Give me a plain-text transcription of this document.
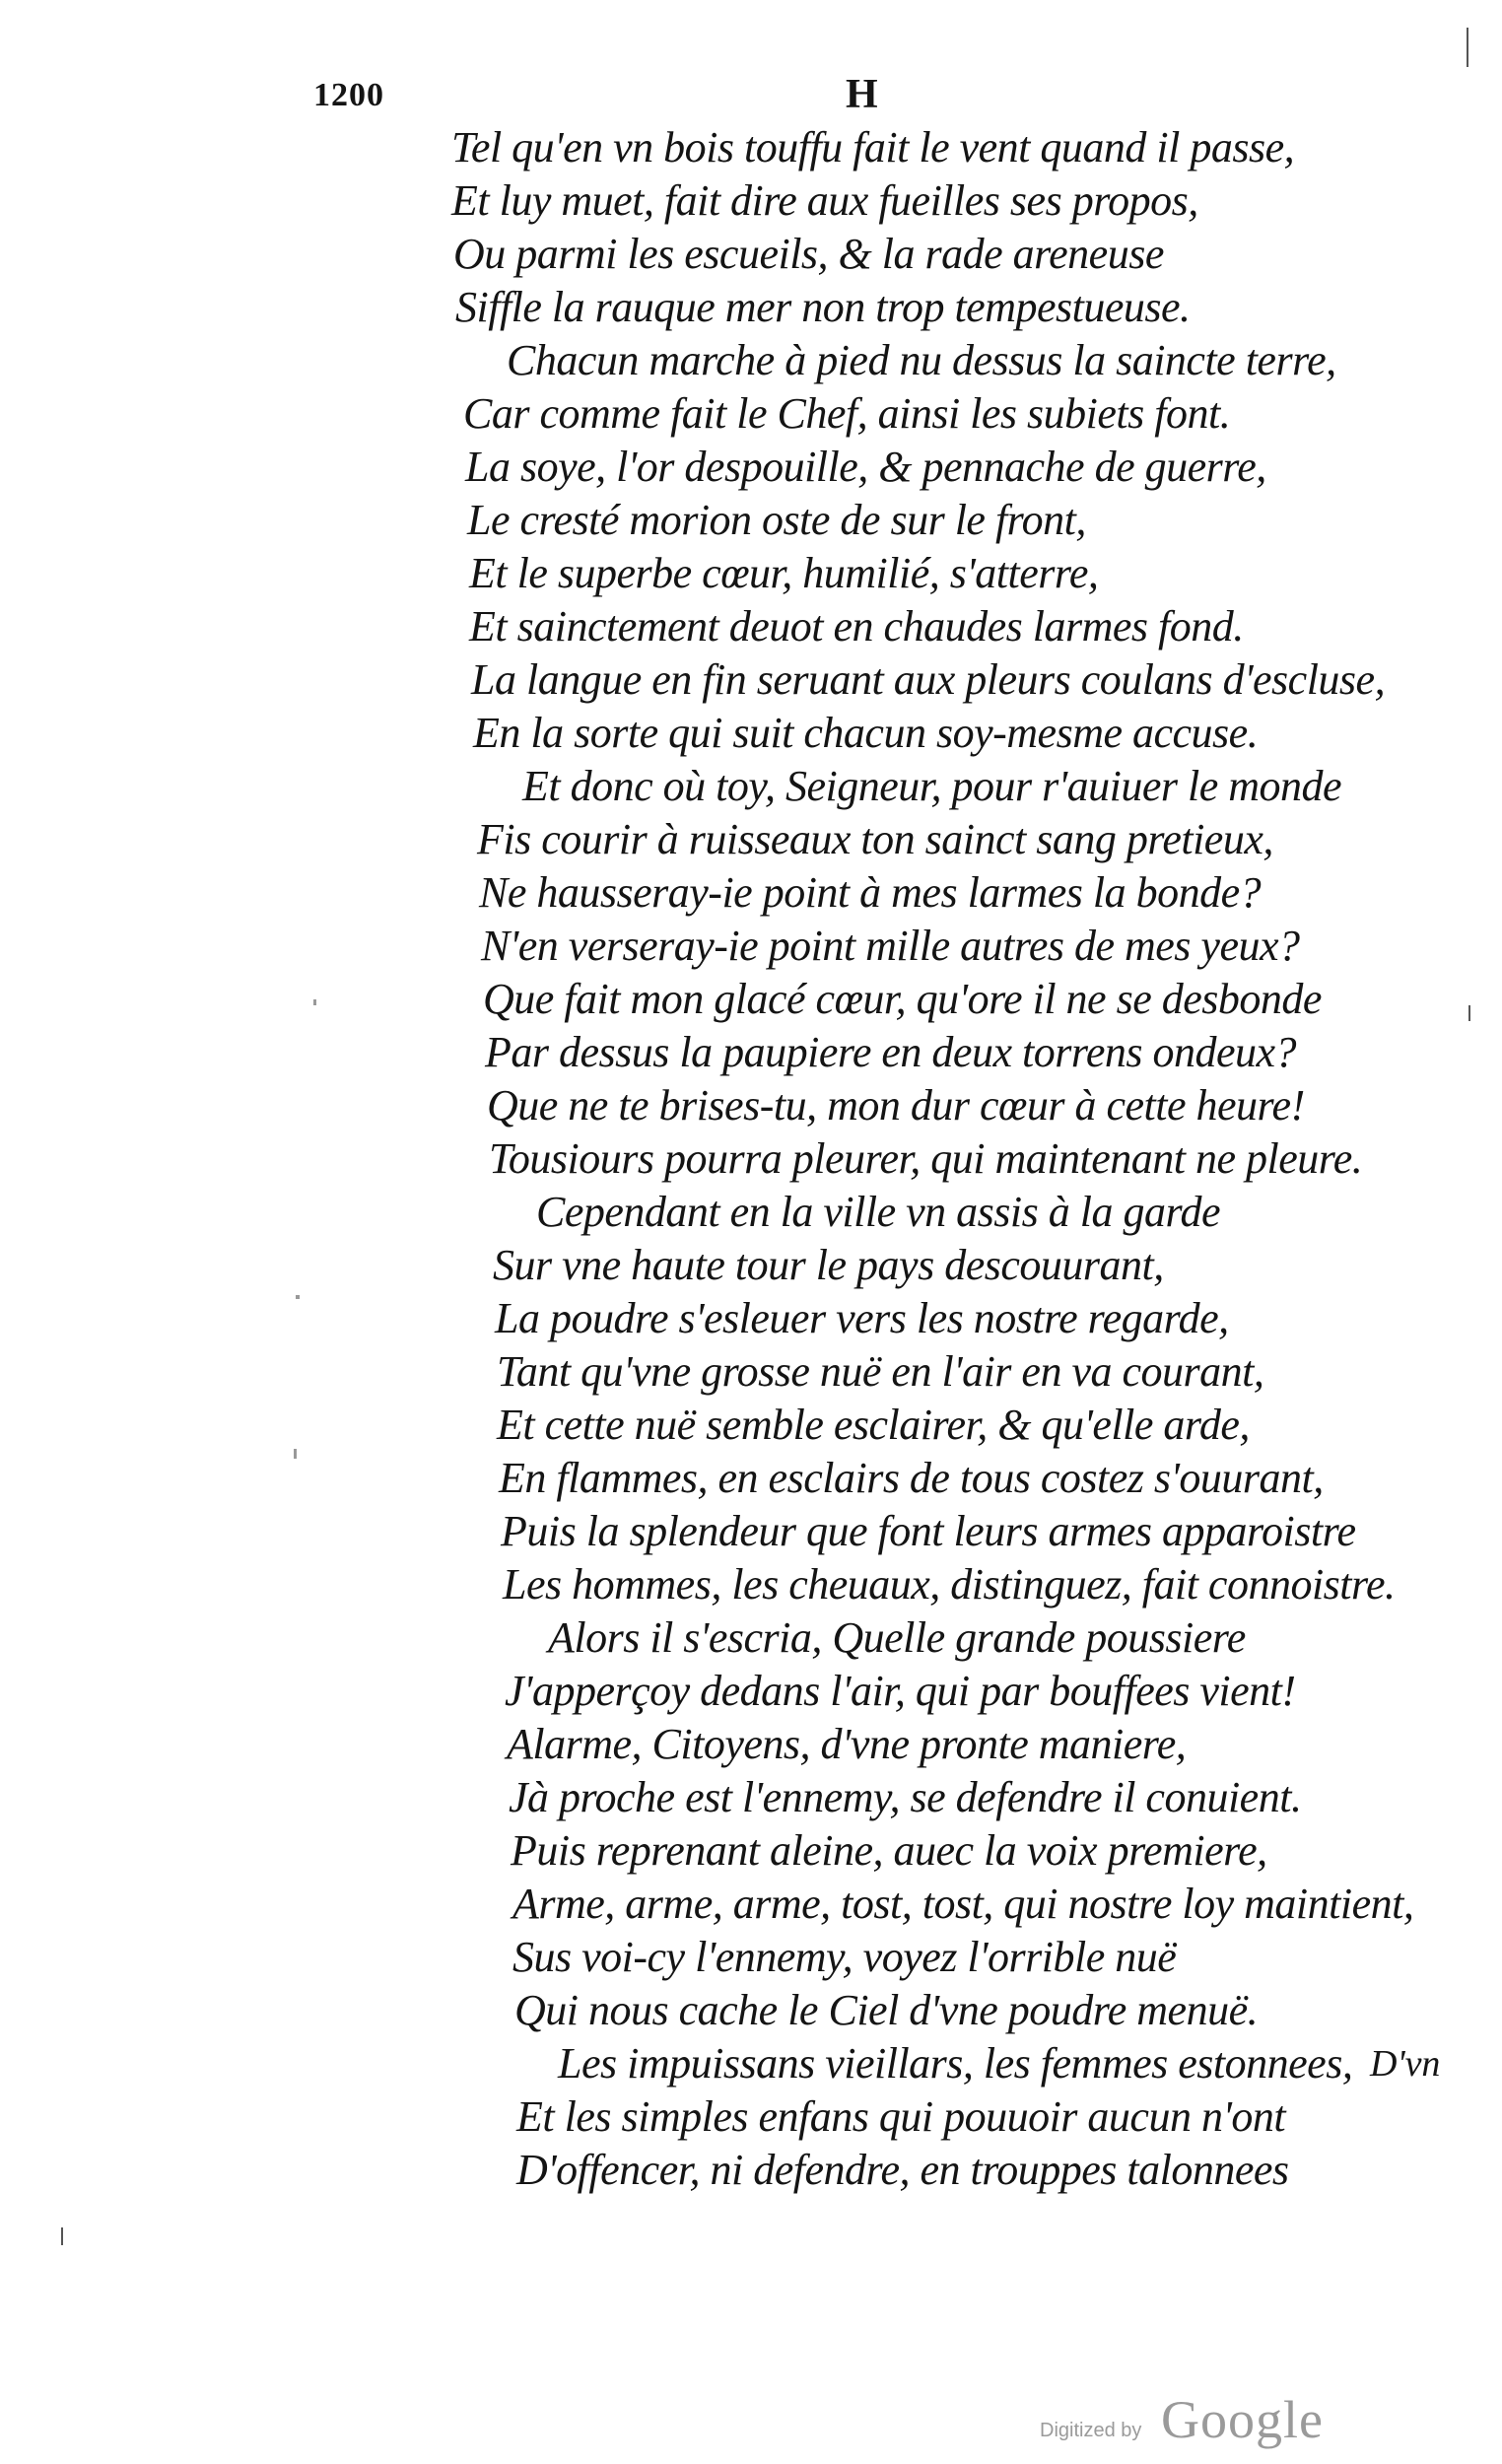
1200	H
Tel qu'en vn bois touffu fait le vent quand il passe,
Et luy muet, fait dire aux fueilles ses propos,
Ou parmi les escueils, & la rade areneuse
Siffle la rauque mer non trop tempestueuse.
Chacun marche à pied nu dessus la saincte terre,
Car comme fait le Chef, ainsi les subiets font.
La soye, l'or despouille, & pennache de guerre,
Le cresté morion oste de sur le front,
Et le superbe cœur, humilié, s'atterre,
Et sainctement deuot en chaudes larmes fond.
La langue en fin seruant aux pleurs coulans d'escluse,
En la sorte qui suit chacun soy-mesme accuse.
Et donc où toy, Seigneur, pour r'auiuer le monde
Fis courir à ruisseaux ton sainct sang pretieux,
Ne hausseray-ie point à mes larmes la bonde?
N'en verseray-ie point mille autres de mes yeux?
Que fait mon glacé cœur, qu'ore il ne se desbonde
Par dessus la paupiere en deux torrens ondeux?
Que ne te brises-tu, mon dur cœur à cette heure!
Tousiours pourra pleurer, qui maintenant ne pleure.
Cependant en la ville vn assis à la garde
Sur vne haute tour le pays descouurant,
La poudre s'esleuer vers les nostre regarde,
Tant qu'vne grosse nuë en l'air en va courant,
Et cette nuë semble esclairer, & qu'elle arde,
En flammes, en esclairs de tous costez s'ouurant,
Puis la splendeur que font leurs armes apparoistre
Les hommes, les cheuaux, distinguez, fait connoistre.
Alors il s'escria, Quelle grande poussiere
J'apperçoy dedans l'air, qui par bouffees vient!
Alarme, Citoyens, d'vne pronte maniere,
Jà proche est l'ennemy, se defendre il conuient.
Puis reprenant aleine, auec la voix premiere,
Arme, arme, arme, tost, tost, qui nostre loy maintient,
Sus voi-cy l'ennemy, voyez l'orrible nuë
Qui nous cache le Ciel d'vne poudre menuë.
Les impuissans vieillars, les femmes estonnees,
Et les simples enfans qui pouuoir aucun n'ont
D'offencer, ni defendre, en trouppes talonnees
D'vn
Digitized by Google
